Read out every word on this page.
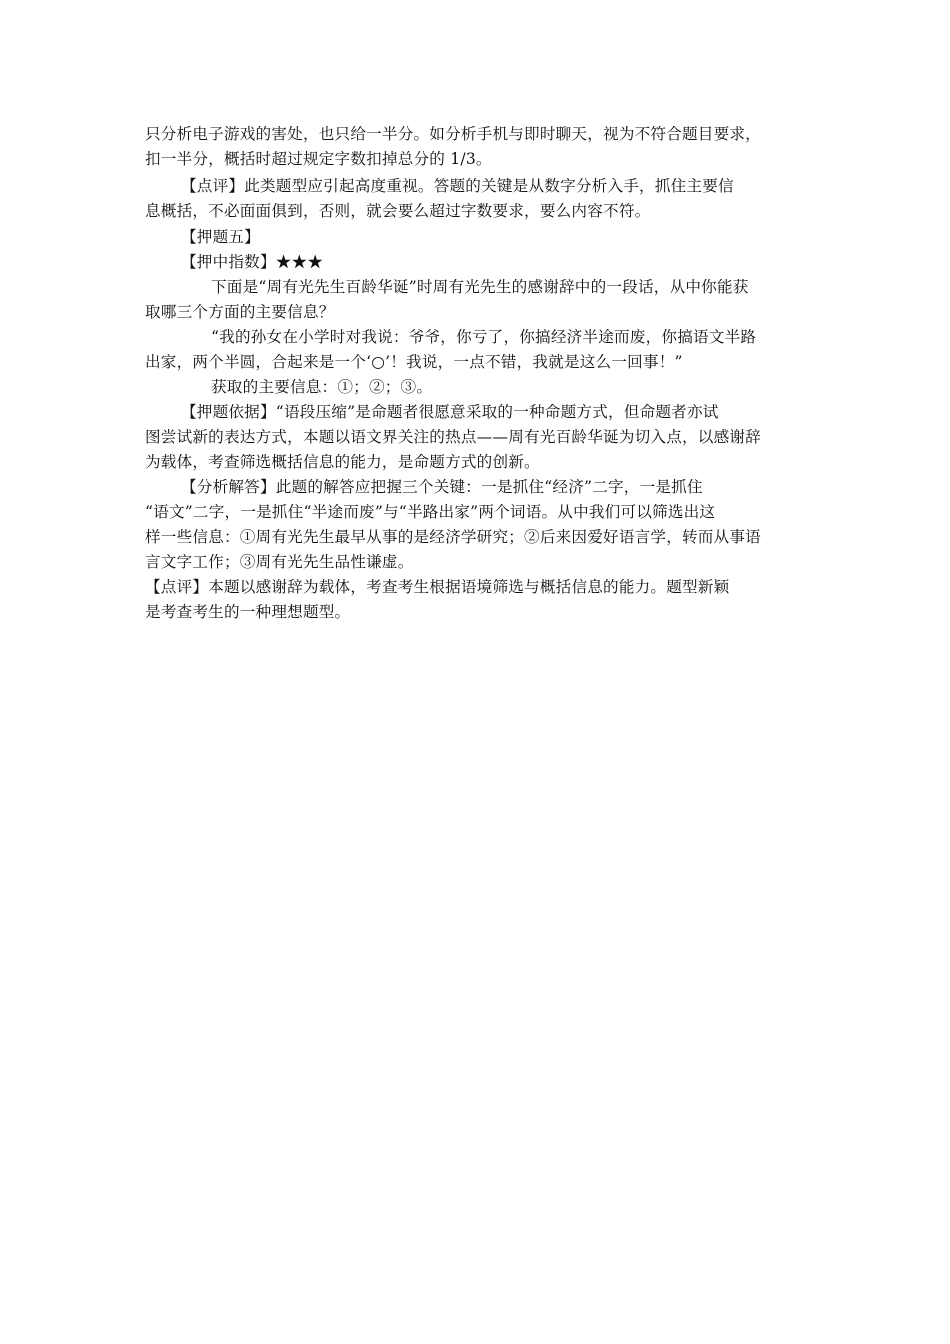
只分析电子游戏的害处，也只给一半分。如分析手机与即时聊天，视为不符合题目要求，
扣一半分，概括时超过规定字数扣掉总分的 1/3。
【点评】此类题型应引起高度重视。答题的关键是从数字分析入手，抓住主要信
息概括，不必面面俱到，否则，就会要么超过字数要求，要么内容不符。
【押题五】
【押中指数】★★★
下面是“周有光先生百龄华诞”时周有光先生的感谢辞中的一段话，从中你能获
取哪三个方面的主要信息？
“我的孙女在小学时对我说：爷爷，你亏了，你搞经济半途而废，你搞语文半路
出家，两个半圆，合起来是一个‘○’！我说，一点不错，我就是这么一回事！”
获取的主要信息：①；②；③。
【押题依据】“语段压缩”是命题者很愿意采取的一种命题方式，但命题者亦试
图尝试新的表达方式，本题以语文界关注的热点——周有光百龄华诞为切入点，以感谢辞
为载体，考查筛选概括信息的能力，是命题方式的创新。
【分析解答】此题的解答应把握三个关键：一是抓住“经济”二字，一是抓住
“语文”二字，一是抓住“半途而废”与“半路出家”两个词语。从中我们可以筛选出这
样一些信息：①周有光先生最早从事的是经济学研究；②后来因爱好语言学，转而从事语
言文字工作；③周有光先生品性谦虚。
【点评】本题以感谢辞为载体，考查考生根据语境筛选与概括信息的能力。题型新颖
是考查考生的一种理想题型。
